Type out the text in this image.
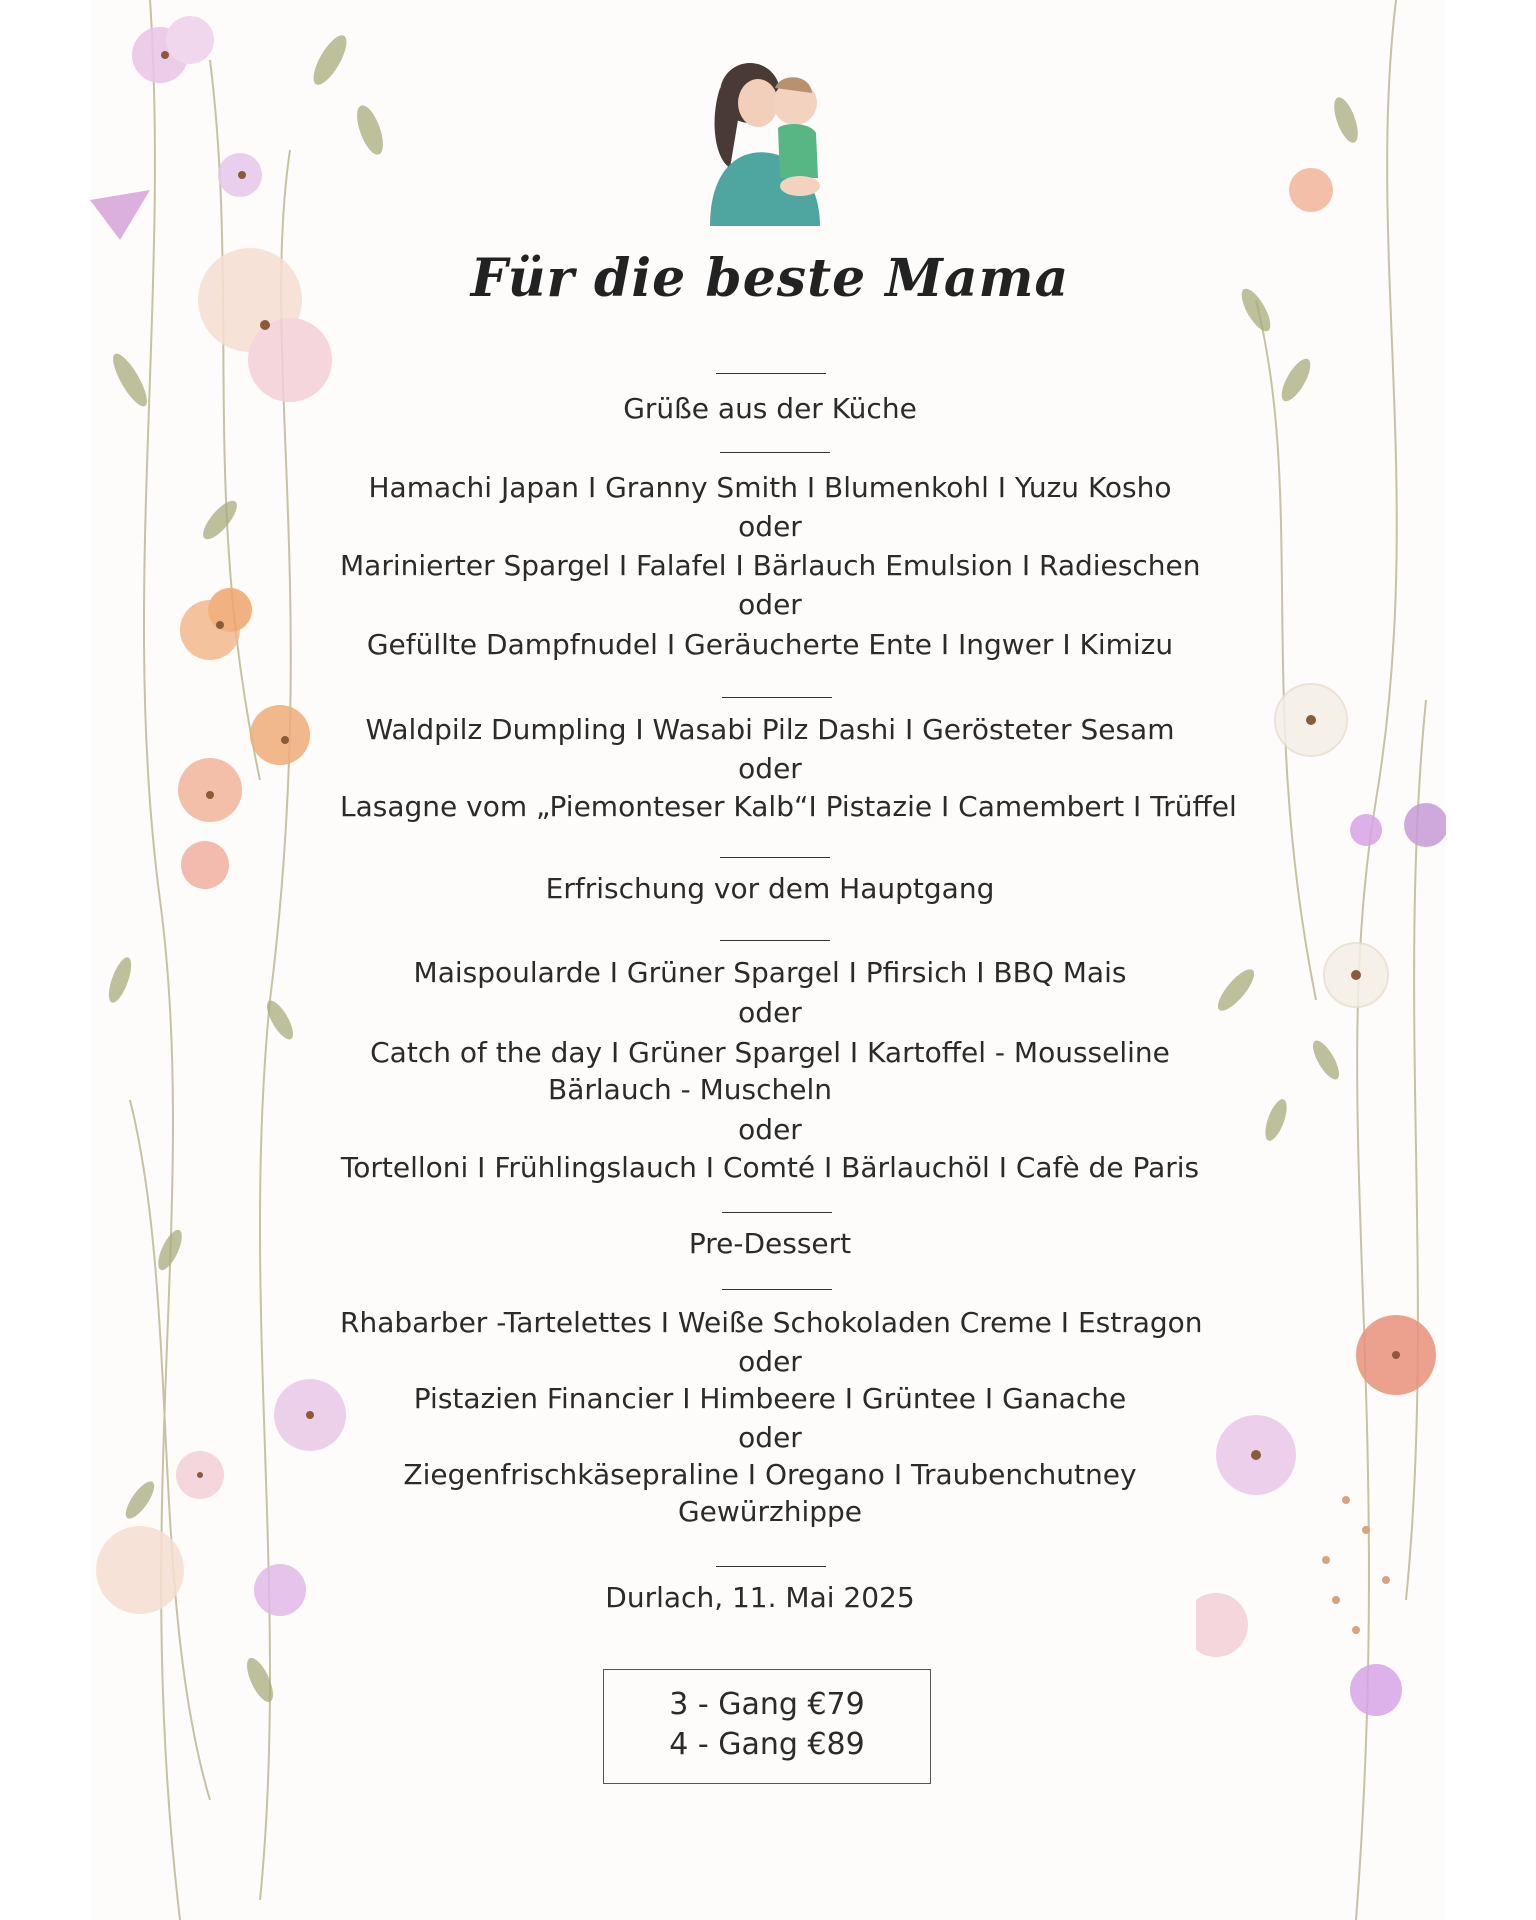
Für die beste Mama
Grüße aus der Küche
Hamachi Japan I Granny Smith I Blumenkohl I Yuzu Kosho
oder
Marinierter Spargel I Falafel I Bärlauch Emulsion I Radieschen
oder
Gefüllte Dampfnudel I Geräucherte Ente I Ingwer I Kimizu
Waldpilz Dumpling I Wasabi Pilz Dashi I Gerösteter Sesam
oder
Lasagne vom „Piemonteser Kalb“I Pistazie I Camembert I Trüffel
Erfrischung vor dem Hauptgang
Maispoularde I Grüner Spargel I Pfirsich I BBQ Mais
oder
Catch of the day I Grüner Spargel I Kartoffel - Mousseline
Bärlauch - Muscheln
oder
Tortelloni I Frühlingslauch I Comté I Bärlauchöl I Cafè de Paris
Pre-Dessert
Rhabarber -Tartelettes I Weiße Schokoladen Creme I Estragon
oder
Pistazien Financier I Himbeere I Grüntee I Ganache
oder
Ziegenfrischkäsepraline I Oregano I Traubenchutney
Gewürzhippe
Durlach, 11. Mai 2025
3 - Gang €79
4 - Gang €89
